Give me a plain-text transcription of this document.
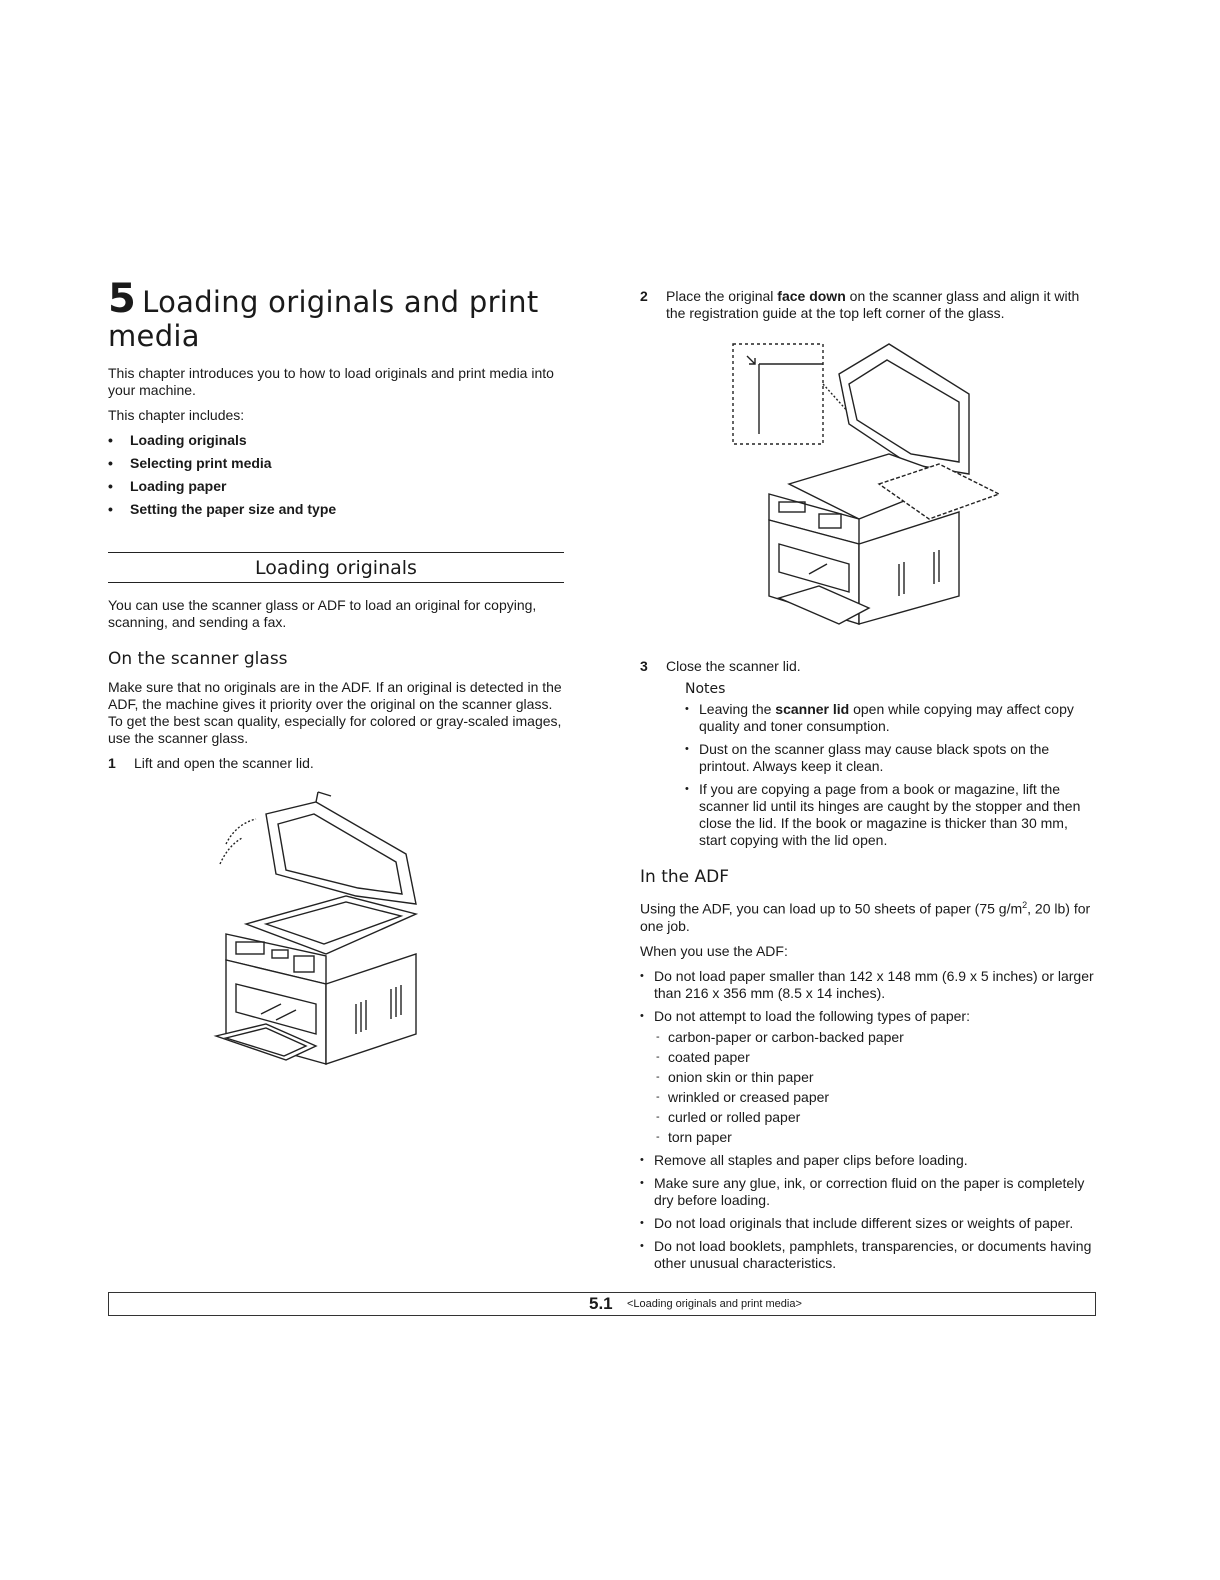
5 Loading originals and print media

This chapter introduces you to how to load originals and print media into your machine.

This chapter includes:

• Loading originals
• Selecting print media
• Loading paper
• Setting the paper size and type
Loading originals

You can use the scanner glass or ADF to load an original for copying, scanning, and sending a fax.

On the scanner glass

Make sure that no originals are in the ADF. If an original is detected in the ADF, the machine gives it priority over the original on the scanner glass. To get the best scan quality, especially for colored or gray-scaled images, use the scanner glass.

1	Lift and open the scanner lid.
2	Place the original face down on the scanner glass and align it with the registration guide at the top left corner of the glass.
3	Close the scanner lid.
Notes
• Leaving the scanner lid open while copying may affect copy quality and toner consumption.
• Dust on the scanner glass may cause black spots on the printout. Always keep it clean.
• If you are copying a page from a book or magazine, lift the scanner lid until its hinges are caught by the stopper and then close the lid. If the book or magazine is thicker than 30 mm, start copying with the lid open.
In the ADF

Using the ADF, you can load up to 50 sheets of paper (75 $g/m^2$, 20 lb) for one job.

When you use the ADF:

• Do not load paper smaller than 142 x 148 mm (6.9 x 5 inches) or larger than 216 x 356 mm (8.5 x 14 inches).
• Do not attempt to load the following types of paper:
- carbon-paper or carbon-backed paper
- coated paper
- onion skin or thin paper
- wrinkled or creased paper
- curled or rolled paper
- torn paper
• Remove all staples and paper clips before loading.
• Make sure any glue, ink, or correction fluid on the paper is completely dry before loading.
• Do not load originals that include different sizes or weights of paper.
• Do not load booklets, pamphlets, transparencies, or documents having other unusual characteristics.
5.1 <Loading originals and print media>
